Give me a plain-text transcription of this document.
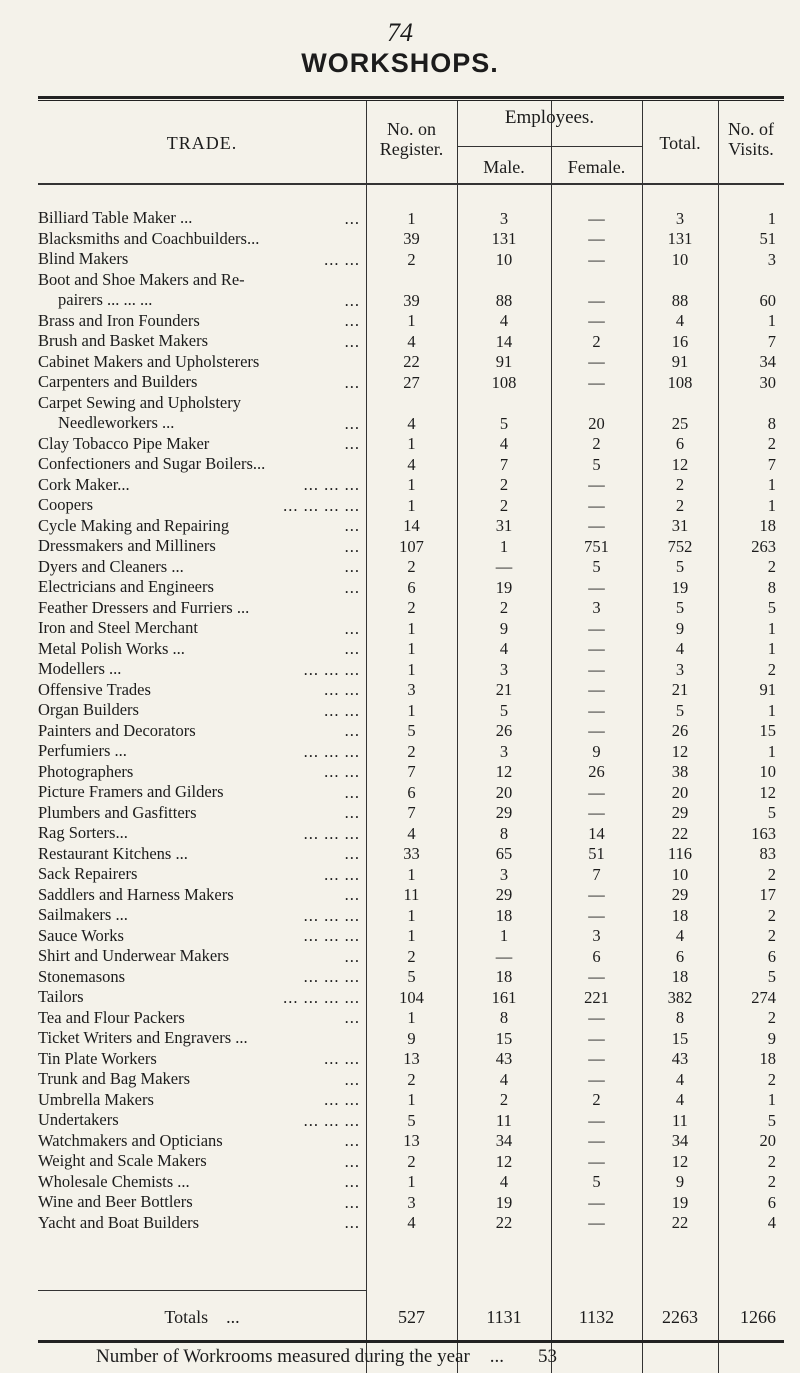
74
WORKSHOPS.
TRADE.
No. on Register.
Employees.
Male.	Female.
Total.
No. of Visits.
Billiard Table Maker ...	...	1	3	—	3	1
Blacksmiths and Coachbuilders...	39	131	—	131	51
Blind Makers	... ...	2	10	—	10	3
Boot and Shoe Makers and Re-
pairers ... ... ...	...	39	88	—	88	60
Brass and Iron Founders	...	1	4	—	4	1
Brush and Basket Makers	...	4	14	2	16	7
Cabinet Makers and Upholsterers	22	91	—	91	34
Carpenters and Builders	...	27	108	—	108	30
Carpet Sewing and Upholstery
Needleworkers ...	...	4	5	20	25	8
Clay Tobacco Pipe Maker	...	1	4	2	6	2
Confectioners and Sugar Boilers...	4	7	5	12	7
Cork Maker...	... ... ...	1	2	—	2	1
Coopers	... ... ... ...	1	2	—	2	1
Cycle Making and Repairing	...	14	31	—	31	18
Dressmakers and Milliners	...	107	1	751	752	263
Dyers and Cleaners ...	...	2	—	5	5	2
Electricians and Engineers	...	6	19	—	19	8
Feather Dressers and Furriers ...	2	2	3	5	5
Iron and Steel Merchant	...	1	9	—	9	1
Metal Polish Works ...	...	1	4	—	4	1
Modellers ...	... ... ...	1	3	—	3	2
Offensive Trades	... ...	3	21	—	21	91
Organ Builders	... ...	1	5	—	5	1
Painters and Decorators	...	5	26	—	26	15
Perfumiers ...	... ... ...	2	3	9	12	1
Photographers	... ...	7	12	26	38	10
Picture Framers and Gilders	...	6	20	—	20	12
Plumbers and Gasfitters	...	7	29	—	29	5
Rag Sorters...	... ... ...	4	8	14	22	163
Restaurant Kitchens ...	...	33	65	51	116	83
Sack Repairers	... ...	1	3	7	10	2
Saddlers and Harness Makers	...	11	29	—	29	17
Sailmakers ...	... ... ...	1	18	—	18	2
Sauce Works	... ... ...	1	1	3	4	2
Shirt and Underwear Makers	...	2	—	6	6	6
Stonemasons	... ... ...	5	18	—	18	5
Tailors	... ... ... ...	104	161	221	382	274
Tea and Flour Packers	...	1	8	—	8	2
Ticket Writers and Engravers ...	9	15	—	15	9
Tin Plate Workers	... ...	13	43	—	43	18
Trunk and Bag Makers	...	2	4	—	4	2
Umbrella Makers	... ...	1	2	2	4	1
Undertakers	... ... ...	5	11	—	11	5
Watchmakers and Opticians	...	13	34	—	34	20
Weight and Scale Makers	...	2	12	—	12	2
Wholesale Chemists ...	...	1	4	5	9	2
Wine and Beer Bottlers	...	3	19	—	19	6
Yacht and Boat Builders	...	4	22	—	22	4
Totals ...	527	1131	1132	2263	1266
Number of Workrooms measured during the year ... 53
